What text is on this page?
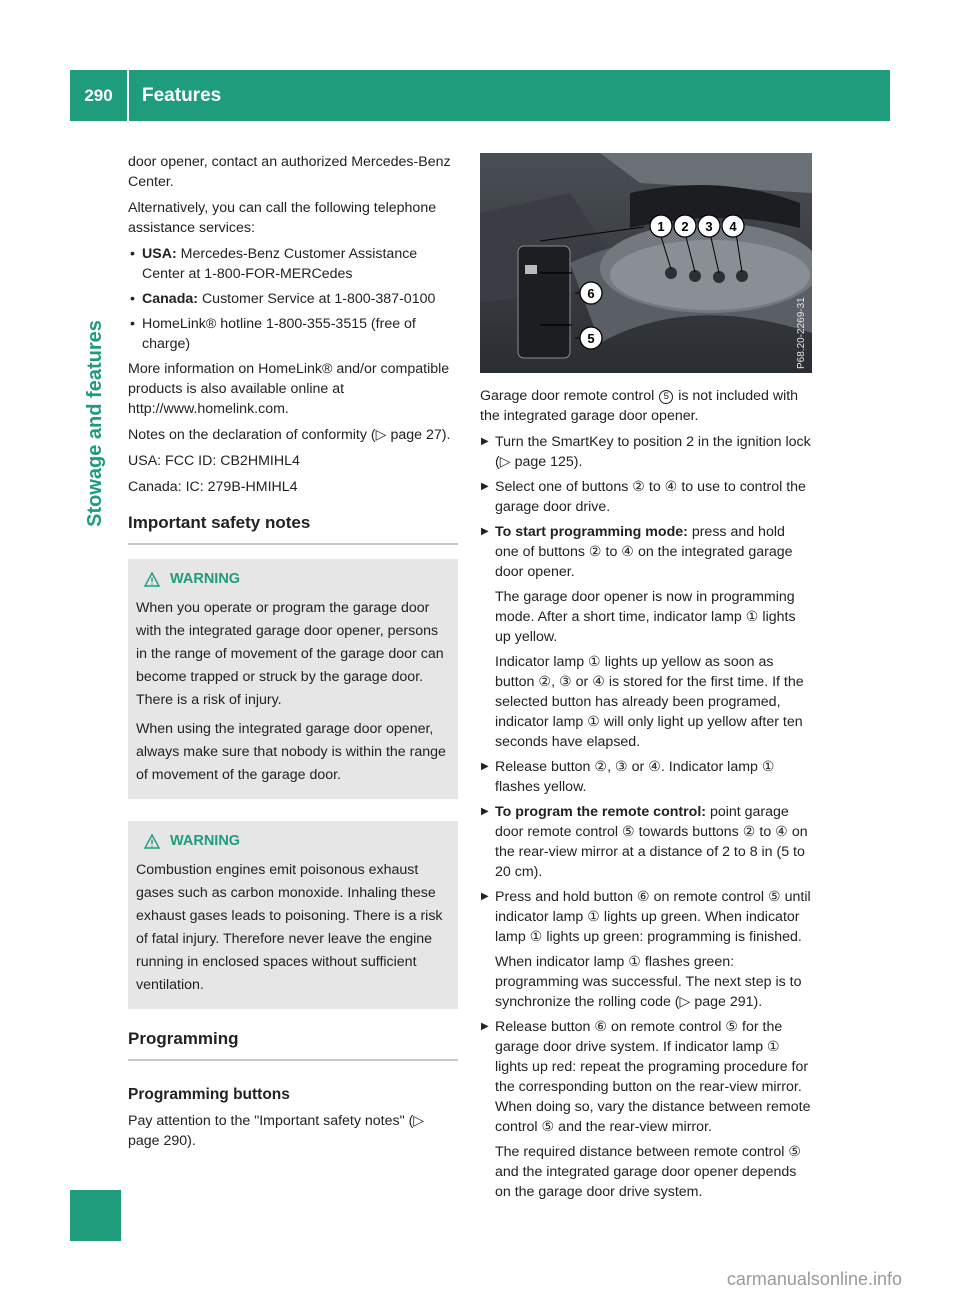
290	Features
Stowage and features

door opener, contact an authorized Mercedes-Benz Center.

Alternatively, you can call the following telephone assistance services:

• USA: Mercedes-Benz Customer Assistance Center at 1-800-FOR-MERCedes
• Canada: Customer Service at 1-800-387-0100
• HomeLink® hotline 1-800-355-3515 (free of charge)

More information on HomeLink® and/or compatible products is also available online at http://www.homelink.com.

Notes on the declaration of conformity (▷ page 27).

USA: FCC ID: CB2HMIHL4

Canada: IC: 279B-HMIHL4

Important safety notes
WARNING

When you operate or program the garage door with the integrated garage door opener, persons in the range of movement of the garage door can become trapped or struck by the garage door. There is a risk of injury.

When using the integrated garage door opener, always make sure that nobody is within the range of movement of the garage door.

WARNING

Combustion engines emit poisonous exhaust gases such as carbon monoxide. Inhaling these exhaust gases leads to poisoning. There is a risk of fatal injury. Therefore never leave the engine running in enclosed spaces without sufficient ventilation.

Programming
Programming buttons

Pay attention to the "Important safety notes" (▷ page 290).

1 2 3 4
6
5	P68.20-2269-31

Garage door remote control 5 is not included with the integrated garage door opener.

▶ Turn the SmartKey to position 2 in the ignition lock (▷ page 125).
▶ Select one of buttons ② to ④ to use to control the garage door drive.
▶ To start programming mode: press and hold one of buttons ② to ④ on the integrated garage door opener.
The garage door opener is now in programming mode. After a short time, indicator lamp ① lights up yellow.
Indicator lamp ① lights up yellow as soon as button ②, ③ or ④ is stored for the first time. If the selected button has already been programed, indicator lamp ① will only light up yellow after ten seconds have elapsed.
▶ Release button ②, ③ or ④. Indicator lamp ① flashes yellow.
▶ To program the remote control: point garage door remote control ⑤ towards buttons ② to ④ on the rear-view mirror at a distance of 2 to 8 in (5 to 20 cm).
▶ Press and hold button ⑥ on remote control ⑤ until indicator lamp ① lights up green. When indicator lamp ① lights up green: programming is finished.
When indicator lamp ① flashes green: programming was successful. The next step is to synchronize the rolling code (▷ page 291).
▶ Release button ⑥ on remote control ⑤ for the garage door drive system. If indicator lamp ① lights up red: repeat the programing procedure for the corresponding button on the rear-view mirror. When doing so, vary the distance between remote control ⑤ and the rear-view mirror.
The required distance between remote control ⑤ and the integrated garage door opener depends on the garage door drive system.
carmanualsonline.info
